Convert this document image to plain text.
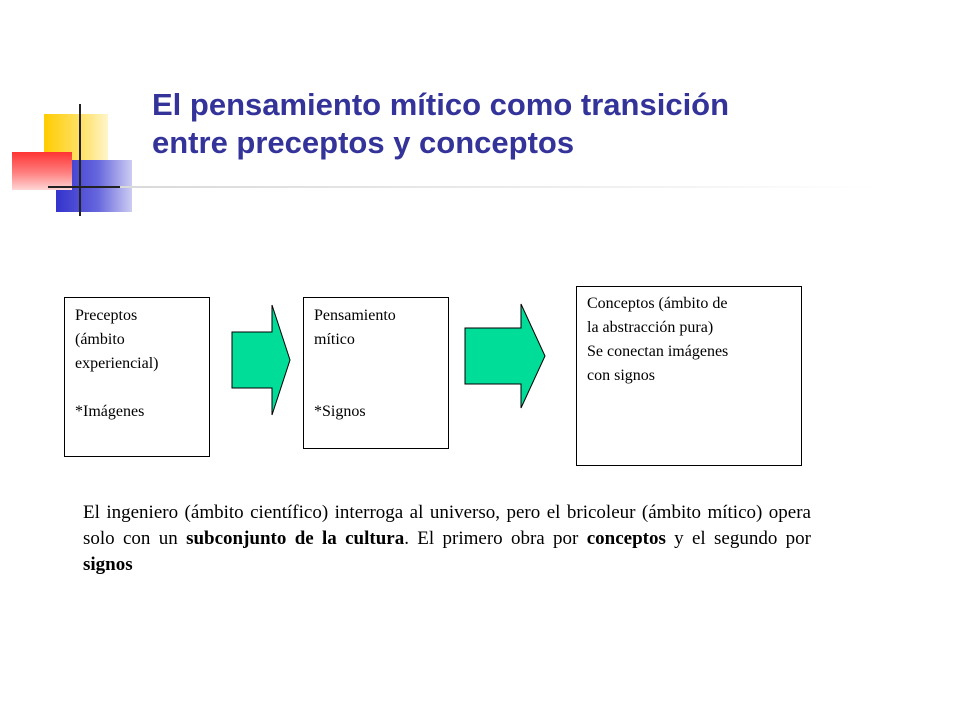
El pensamiento mítico como transición
entre preceptos y conceptos
Preceptos
(ámbito
experiencial)
*Imágenes
Pensamiento
mítico
*Signos
Conceptos (ámbito de
la abstracción pura)
Se conectan imágenes
con signos

El ingeniero (ámbito científico) interroga al universo, pero el bricoleur (ámbito mítico) opera solo con un subconjunto de la cultura. El primero obra por conceptos y el segundo por signos
